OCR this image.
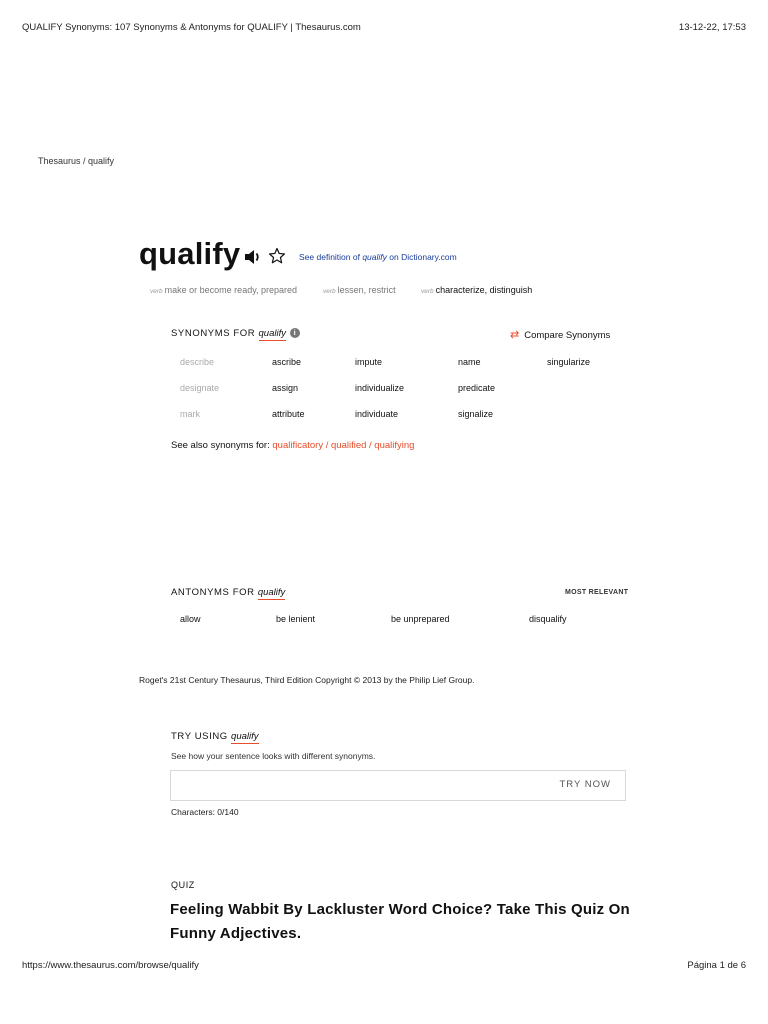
QUALIFY Synonyms: 107 Synonyms & Antonyms for QUALIFY | Thesaurus.com	13-12-22, 17:53
Thesaurus / qualify
qualify	See definition of qualify on Dictionary.com
verb make or become ready, prepared	verb lessen, restrict	verb characterize, distinguish
SYNONYMS FOR qualify i	⇄ Compare Synonyms
describe	ascribe	impute	name	singularize
designate	assign	individualize	predicate
mark	attribute	individuate	signalize
See also synonyms for: qualificatory / qualified / qualifying
ANTONYMS FOR qualify	MOST RELEVANT
allow	be lenient	be unprepared	disqualify
Roget's 21st Century Thesaurus, Third Edition Copyright © 2013 by the Philip Lief Group.
TRY USING qualify
See how your sentence looks with different synonyms.
TRY NOW
Characters: 0/140
QUIZ
Feeling Wabbit By Lackluster Word Choice? Take This Quiz On Funny Adjectives.
https://www.thesaurus.com/browse/qualify	Página 1 de 6
